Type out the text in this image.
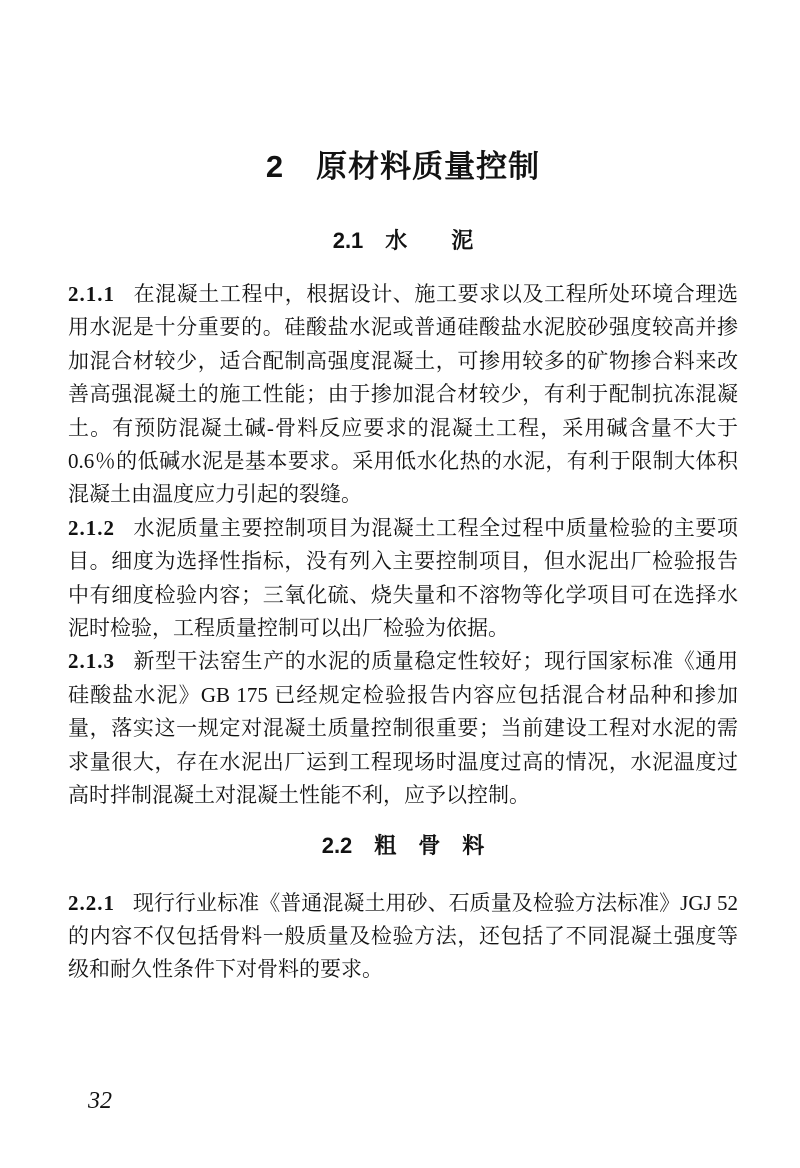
2　原材料质量控制
2.1　水　　泥

2.1.1 在混凝土工程中，根据设计、施工要求以及工程所处环境合理选用水泥是十分重要的。硅酸盐水泥或普通硅酸盐水泥胶砂强度较高并掺加混合材较少，适合配制高强度混凝土，可掺用较多的矿物掺合料来改善高强混凝土的施工性能；由于掺加混合材较少，有利于配制抗冻混凝土。有预防混凝土碱-骨料反应要求的混凝土工程，采用碱含量不大于 0.6％的低碱水泥是基本要求。采用低水化热的水泥，有利于限制大体积混凝土由温度应力引起的裂缝。

2.1.2 水泥质量主要控制项目为混凝土工程全过程中质量检验的主要项目。细度为选择性指标，没有列入主要控制项目，但水泥出厂检验报告中有细度检验内容；三氧化硫、烧失量和不溶物等化学项目可在选择水泥时检验，工程质量控制可以出厂检验为依据。

2.1.3 新型干法窑生产的水泥的质量稳定性较好；现行国家标准《通用硅酸盐水泥》GB 175 已经规定检验报告内容应包括混合材品种和掺加量，落实这一规定对混凝土质量控制很重要；当前建设工程对水泥的需求量很大，存在水泥出厂运到工程现场时温度过高的情况，水泥温度过高时拌制混凝土对混凝土性能不利，应予以控制。

2.2　粗　骨　料

2.2.1 现行行业标准《普通混凝土用砂、石质量及检验方法标准》JGJ 52 的内容不仅包括骨料一般质量及检验方法，还包括了不同混凝土强度等级和耐久性条件下对骨料的要求。

32
